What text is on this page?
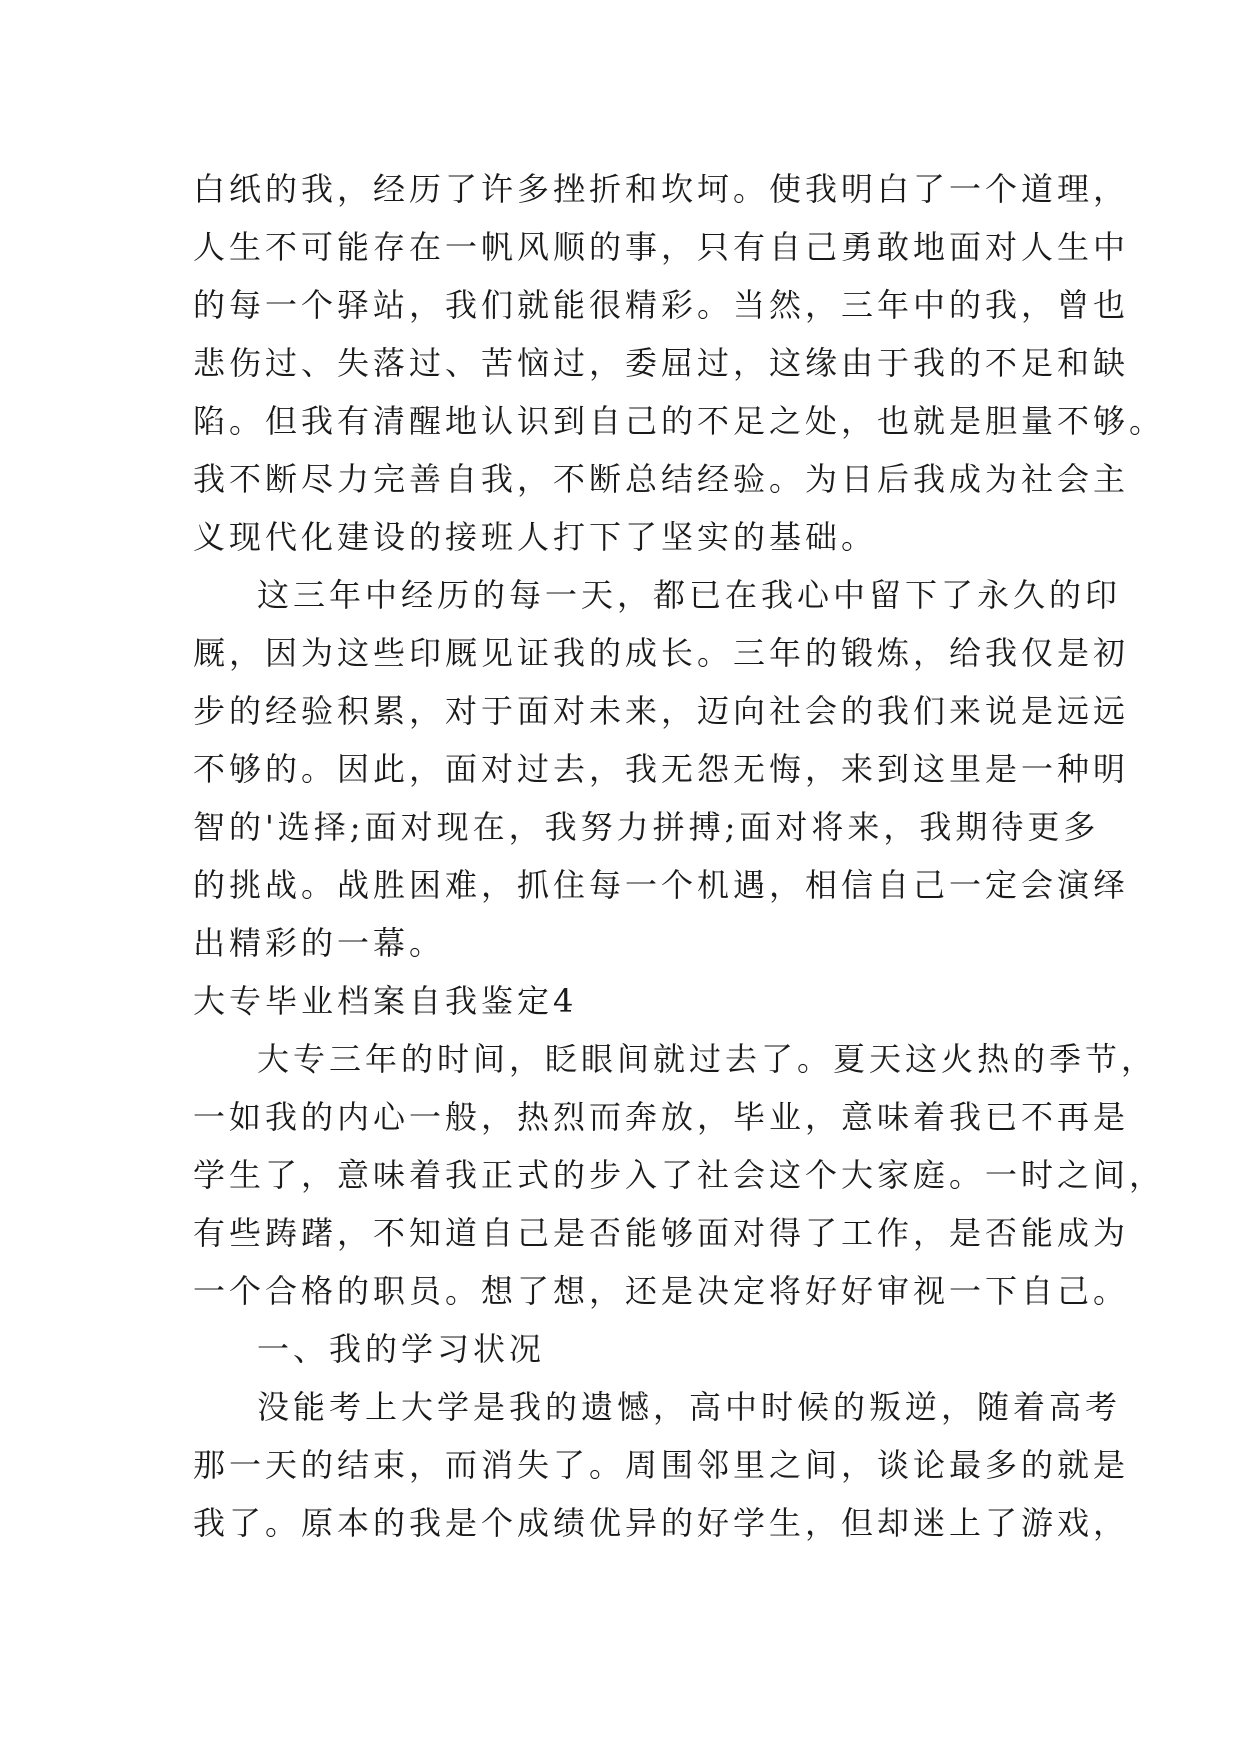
白纸的我，经历了许多挫折和坎坷。使我明白了一个道理，
人生不可能存在一帆风顺的事，只有自己勇敢地面对人生中
的每一个驿站，我们就能很精彩。当然，三年中的我，曾也
悲伤过、失落过、苦恼过，委屈过，这缘由于我的不足和缺
陷。但我有清醒地认识到自己的不足之处，也就是胆量不够。
我不断尽力完善自我，不断总结经验。为日后我成为社会主
义现代化建设的接班人打下了坚实的基础。
这三年中经历的每一天，都已在我心中留下了永久的印
厩，因为这些印厩见证我的成长。三年的锻炼，给我仅是初
步的经验积累，对于面对未来，迈向社会的我们来说是远远
不够的。因此，面对过去，我无怨无悔，来到这里是一种明
智的'选择;面对现在，我努力拼搏;面对将来，我期待更多
的挑战。战胜困难，抓住每一个机遇，相信自己一定会演绎
出精彩的一幕。
大专毕业档案自我鉴定4
大专三年的时间，眨眼间就过去了。夏天这火热的季节，
一如我的内心一般，热烈而奔放，毕业，意味着我已不再是
学生了，意味着我正式的步入了社会这个大家庭。一时之间，
有些踌躇，不知道自己是否能够面对得了工作，是否能成为
一个合格的职员。想了想，还是决定将好好审视一下自己。
一、我的学习状况
没能考上大学是我的遗憾，高中时候的叛逆，随着高考
那一天的结束，而消失了。周围邻里之间，谈论最多的就是
我了。原本的我是个成绩优异的好学生，但却迷上了游戏，
